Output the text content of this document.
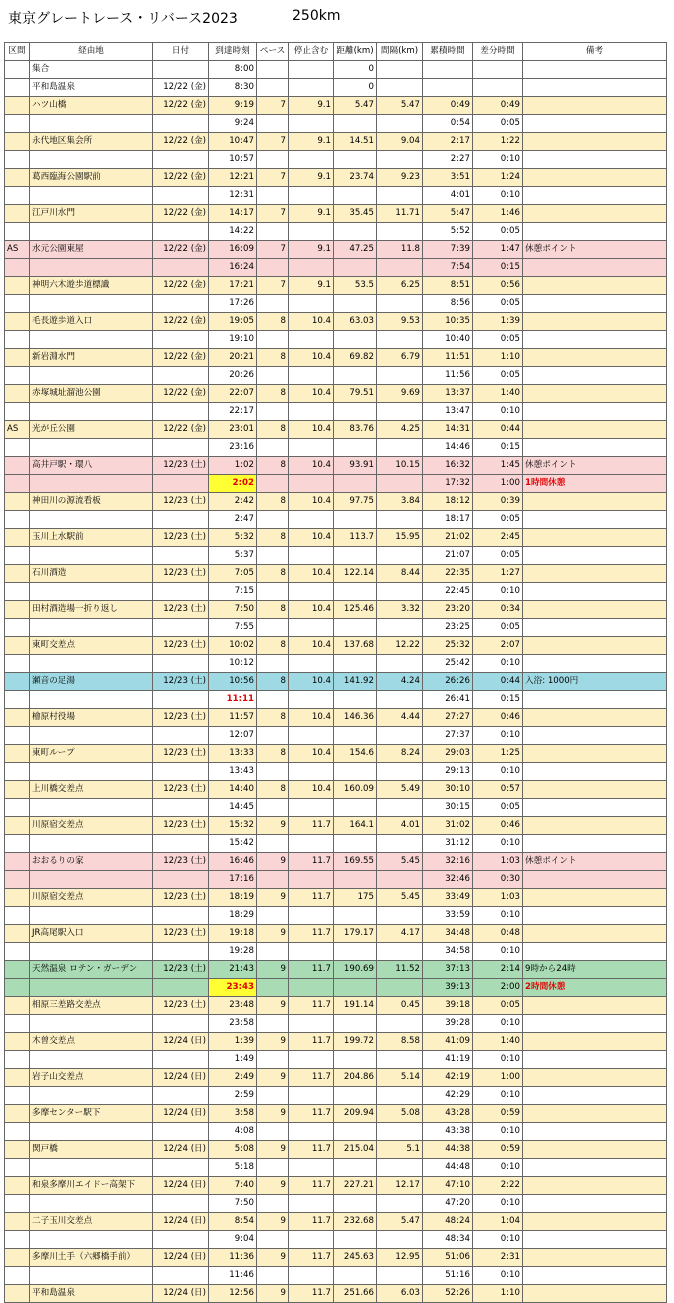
東京グレートレース・リバース2023	250km
区間	経由地	日付	到達時刻	ペース	停止含む	距離(km)	間隔(km)	累積時間	差分時間	備考
	集合		8:00			0				
	平和島温泉	12/22 (金)	8:30			0				
	ハツ山橋	12/22 (金)	9:19	7	9.1	5.47	5.47	0:49	0:49	
			9:24					0:54	0:05	
	永代地区集会所	12/22 (金)	10:47	7	9.1	14.51	9.04	2:17	1:22	
			10:57					2:27	0:10	
	葛西臨海公園駅前	12/22 (金)	12:21	7	9.1	23.74	9.23	3:51	1:24	
			12:31					4:01	0:10	
	江戸川水門	12/22 (金)	14:17	7	9.1	35.45	11.71	5:47	1:46	
			14:22					5:52	0:05	
AS	水元公園東屋	12/22 (金)	16:09	7	9.1	47.25	11.8	7:39	1:47	休憩ポイント
			16:24					7:54	0:15	
	神明六木遊歩道標識	12/22 (金)	17:21	7	9.1	53.5	6.25	8:51	0:56	
			17:26					8:56	0:05	
	毛長遊歩道入口	12/22 (金)	19:05	8	10.4	63.03	9.53	10:35	1:39	
			19:10					10:40	0:05	
	新岩淵水門	12/22 (金)	20:21	8	10.4	69.82	6.79	11:51	1:10	
			20:26					11:56	0:05	
	赤塚城址溜池公園	12/22 (金)	22:07	8	10.4	79.51	9.69	13:37	1:40	
			22:17					13:47	0:10	
AS	光が丘公園	12/22 (金)	23:01	8	10.4	83.76	4.25	14:31	0:44	
			23:16					14:46	0:15	
	高井戸駅・環八	12/23 (土)	1:02	8	10.4	93.91	10.15	16:32	1:45	休憩ポイント
			2:02					17:32	1:00	1時間休憩
	神田川の源流看板	12/23 (土)	2:42	8	10.4	97.75	3.84	18:12	0:39	
			2:47					18:17	0:05	
	玉川上水駅前	12/23 (土)	5:32	8	10.4	113.7	15.95	21:02	2:45	
			5:37					21:07	0:05	
	石川酒造	12/23 (土)	7:05	8	10.4	122.14	8.44	22:35	1:27	
			7:15					22:45	0:10	
	田村酒造場一折り返し	12/23 (土)	7:50	8	10.4	125.46	3.32	23:20	0:34	
			7:55					23:25	0:05	
	東町交差点	12/23 (土)	10:02	8	10.4	137.68	12.22	25:32	2:07	
			10:12					25:42	0:10	
	瀬音の足湯	12/23 (土)	10:56	8	10.4	141.92	4.24	26:26	0:44	入浴: 1000円
			11:11					26:41	0:15	
	檜原村役場	12/23 (土)	11:57	8	10.4	146.36	4.44	27:27	0:46	
			12:07					27:37	0:10	
	東町ループ	12/23 (土)	13:33	8	10.4	154.6	8.24	29:03	1:25	
			13:43					29:13	0:10	
	上川橋交差点	12/23 (土)	14:40	8	10.4	160.09	5.49	30:10	0:57	
			14:45					30:15	0:05	
	川原宿交差点	12/23 (土)	15:32	9	11.7	164.1	4.01	31:02	0:46	
			15:42					31:12	0:10	
	おおるりの家	12/23 (土)	16:46	9	11.7	169.55	5.45	32:16	1:03	休憩ポイント
			17:16					32:46	0:30	
	川原宿交差点	12/23 (土)	18:19	9	11.7	175	5.45	33:49	1:03	
			18:29					33:59	0:10	
	JR高尾駅入口	12/23 (土)	19:18	9	11.7	179.17	4.17	34:48	0:48	
			19:28					34:58	0:10	
	天然温泉 ロテン・ガーデン	12/23 (土)	21:43	9	11.7	190.69	11.52	37:13	2:14	9時から24時
			23:43					39:13	2:00	2時間休憩
	相原三差路交差点	12/23 (土)	23:48	9	11.7	191.14	0.45	39:18	0:05	
			23:58					39:28	0:10	
	木曽交差点	12/24 (日)	1:39	9	11.7	199.72	8.58	41:09	1:40	
			1:49					41:19	0:10	
	岩子山交差点	12/24 (日)	2:49	9	11.7	204.86	5.14	42:19	1:00	
			2:59					42:29	0:10	
	多摩センター駅下	12/24 (日)	3:58	9	11.7	209.94	5.08	43:28	0:59	
			4:08					43:38	0:10	
	関戸橋	12/24 (日)	5:08	9	11.7	215.04	5.1	44:38	0:59	
			5:18					44:48	0:10	
	和泉多摩川エイドー高架下	12/24 (日)	7:40	9	11.7	227.21	12.17	47:10	2:22	
			7:50					47:20	0:10	
	二子玉川交差点	12/24 (日)	8:54	9	11.7	232.68	5.47	48:24	1:04	
			9:04					48:34	0:10	
	多摩川土手（六郷橋手前）	12/24 (日)	11:36	9	11.7	245.63	12.95	51:06	2:31	
			11:46					51:16	0:10	
	平和島温泉	12/24 (日)	12:56	9	11.7	251.66	6.03	52:26	1:10	
